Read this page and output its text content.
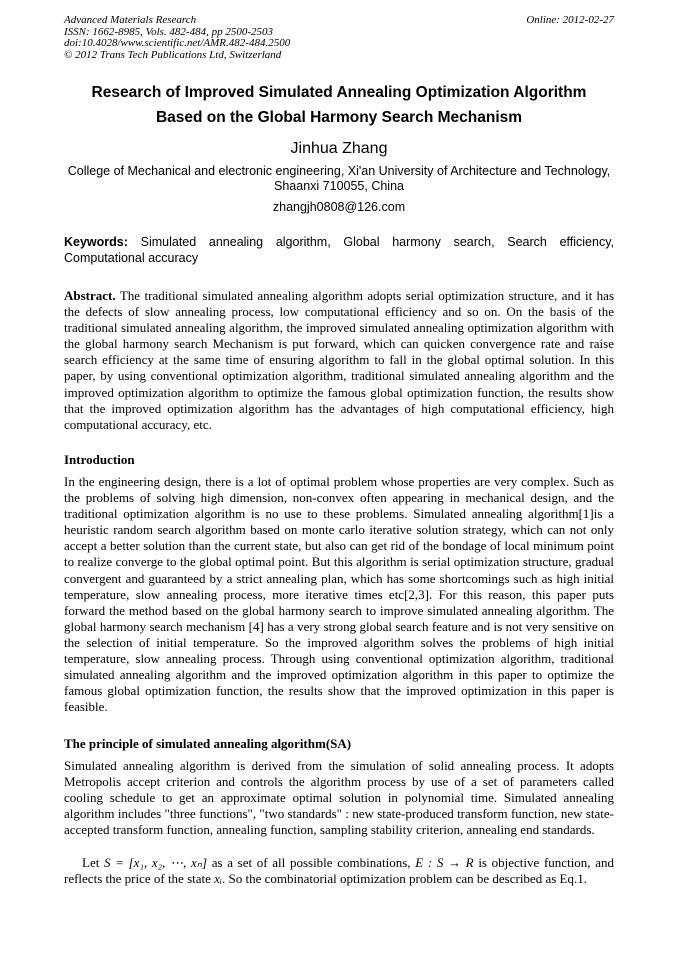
Advanced Materials Research
ISSN: 1662-8985, Vols. 482-484, pp 2500-2503
doi:10.4028/www.scientific.net/AMR.482-484.2500
© 2012 Trans Tech Publications Ltd, Switzerland
Online: 2012-02-27
Research of Improved Simulated Annealing Optimization Algorithm
Based on the Global Harmony Search Mechanism
Jinhua Zhang
College of Mechanical and electronic engineering, Xi'an University of Architecture and Technology, Shaanxi 710055, China
zhangjh0808@126.com
Keywords: Simulated annealing algorithm, Global harmony search, Search efficiency, Computational accuracy
Abstract. The traditional simulated annealing algorithm adopts serial optimization structure, and it has the defects of slow annealing process, low computational efficiency and so on. On the basis of the traditional simulated annealing algorithm, the improved simulated annealing optimization algorithm with the global harmony search Mechanism is put forward, which can quicken convergence rate and raise search efficiency at the same time of ensuring algorithm to fall in the global optimal solution. In this paper, by using conventional optimization algorithm, traditional simulated annealing algorithm and the improved optimization algorithm to optimize the famous global optimization function, the results show that the improved optimization algorithm has the advantages of high computational efficiency, high computational accuracy, etc.
Introduction
In the engineering design, there is a lot of optimal problem whose properties are very complex. Such as the problems of solving high dimension, non-convex often appearing in mechanical design, and the traditional optimization algorithm is no use to these problems. Simulated annealing algorithm[1]is a heuristic random search algorithm based on monte carlo iterative solution strategy, which can not only accept a better solution than the current state, but also can get rid of the bondage of local minimum point to realize converge to the global optimal point. But this algorithm is serial optimization structure, gradual convergent and guaranteed by a strict annealing plan, which has some shortcomings such as high initial temperature, slow annealing process, more iterative times etc[2,3]. For this reason, this paper puts forward the method based on the global harmony search to improve simulated annealing algorithm. The global harmony search mechanism [4] has a very strong global search feature and is not very sensitive on the selection of initial temperature. So the improved algorithm solves the problems of high initial temperature, slow annealing process. Through using conventional optimization algorithm, traditional simulated annealing algorithm and the improved optimization algorithm in this paper to optimize the famous global optimization function, the results show that the improved optimization in this paper is feasible.
The principle of simulated annealing algorithm(SA)
Simulated annealing algorithm is derived from the simulation of solid annealing process. It adopts Metropolis accept criterion and controls the algorithm process by use of a set of parameters called cooling schedule to get an approximate optimal solution in polynomial time. Simulated annealing algorithm includes "three functions", "two standards" : new state-produced transform function, new state-accepted transform function, annealing function, sampling stability criterion, annealing end standards.
Let S = [x₁, x₂, ⋯, xₙ] as a set of all possible combinations, E : S → R is objective function, and reflects the price of the state xᵢ. So the combinatorial optimization problem can be described as Eq.1.
